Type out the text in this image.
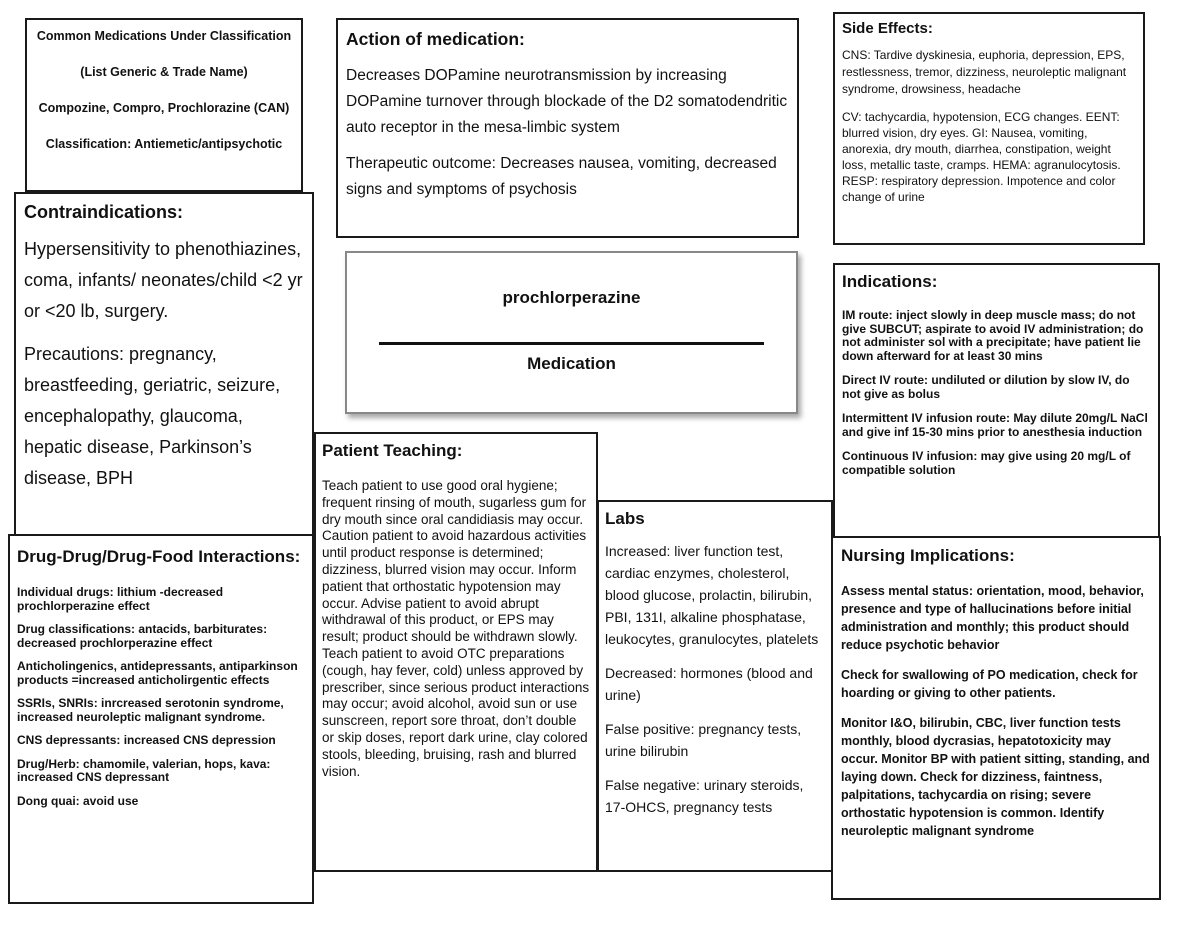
Common Medications Under Classification

(List Generic & Trade Name)

Compozine, Compro, Prochlorazine (CAN)

Classification: Antiemetic/antipsychotic

Action of medication:

Decreases DOPamine neurotransmission by increasing DOPamine turnover through blockade of the D2 somatodendritic auto receptor in the mesa-limbic system

Therapeutic outcome: Decreases nausea, vomiting, decreased signs and symptoms of psychosis

Side Effects:

CNS: Tardive dyskinesia, euphoria, depression, EPS, restlessness, tremor, dizziness, neuroleptic malignant syndrome, drowsiness, headache

CV: tachycardia, hypotension, ECG changes. EENT: blurred vision, dry eyes. GI: Nausea, vomiting, anorexia, dry mouth, diarrhea, constipation, weight loss, metallic taste, cramps. HEMA: agranulocytosis. RESP: respiratory depression. Impotence and color change of urine

prochlorperazine
Medication

Contraindications:

Hypersensitivity to phenothiazines, coma, infants/ neonates/child <2 yr or <20 lb, surgery.

Precautions: pregnancy, breastfeeding, geriatric, seizure, encephalopathy, glaucoma, hepatic disease, Parkinson’s disease, BPH

Indications:

IM route: inject slowly in deep muscle mass; do not give SUBCUT; aspirate to avoid IV administration; do not administer sol with a precipitate; have patient lie down afterward for at least 30 mins

Direct IV route: undiluted or dilution by slow IV, do not give as bolus

Intermittent IV infusion route: May dilute 20mg/L NaCl and give inf 15-30 mins prior to anesthesia induction

Continuous IV infusion: may give using 20 mg/L of compatible solution

Patient Teaching:

Teach patient to use good oral hygiene; frequent rinsing of mouth, sugarless gum for dry mouth since oral candidiasis may occur. Caution patient to avoid hazardous activities until product response is determined; dizziness, blurred vision may occur. Inform patient that orthostatic hypotension may occur. Advise patient to avoid abrupt withdrawal of this product, or EPS may result; product should be withdrawn slowly. Teach patient to avoid OTC preparations (cough, hay fever, cold) unless approved by prescriber, since serious product interactions may occur; avoid alcohol, avoid sun or use sunscreen, report sore throat, don’t double or skip doses, report dark urine, clay colored stools, bleeding, bruising, rash and blurred vision.

Labs

Increased: liver function test, cardiac enzymes, cholesterol, blood glucose, prolactin, bilirubin, PBI, 131I, alkaline phosphatase, leukocytes, granulocytes, platelets

Decreased: hormones (blood and urine)

False positive: pregnancy tests, urine bilirubin

False negative: urinary steroids, 17-OHCS, pregnancy tests

Drug-Drug/Drug-Food Interactions:

Individual drugs: lithium -decreased prochlorperazine effect

Drug classifications: antacids, barbiturates: decreased prochlorperazine effect

Anticholingenics, antidepressants, antiparkinson products =increased anticholirgentic effects

SSRIs, SNRIs: inrcreased serotonin syndrome, increased neuroleptic malignant syndrome.

CNS depressants: increased CNS depression

Drug/Herb: chamomile, valerian, hops, kava: increased CNS depressant

Dong quai: avoid use

Nursing Implications:

Assess mental status: orientation, mood, behavior, presence and type of hallucinations before initial administration and monthly; this product should reduce psychotic behavior

Check for swallowing of PO medication, check for hoarding or giving to other patients.

Monitor I&O, bilirubin, CBC, liver function tests monthly, blood dycrasias, hepatotoxicity may occur. Monitor BP with patient sitting, standing, and laying down. Check for dizziness, faintness, palpitations, tachycardia on rising; severe orthostatic hypotension is common. Identify neuroleptic malignant syndrome
